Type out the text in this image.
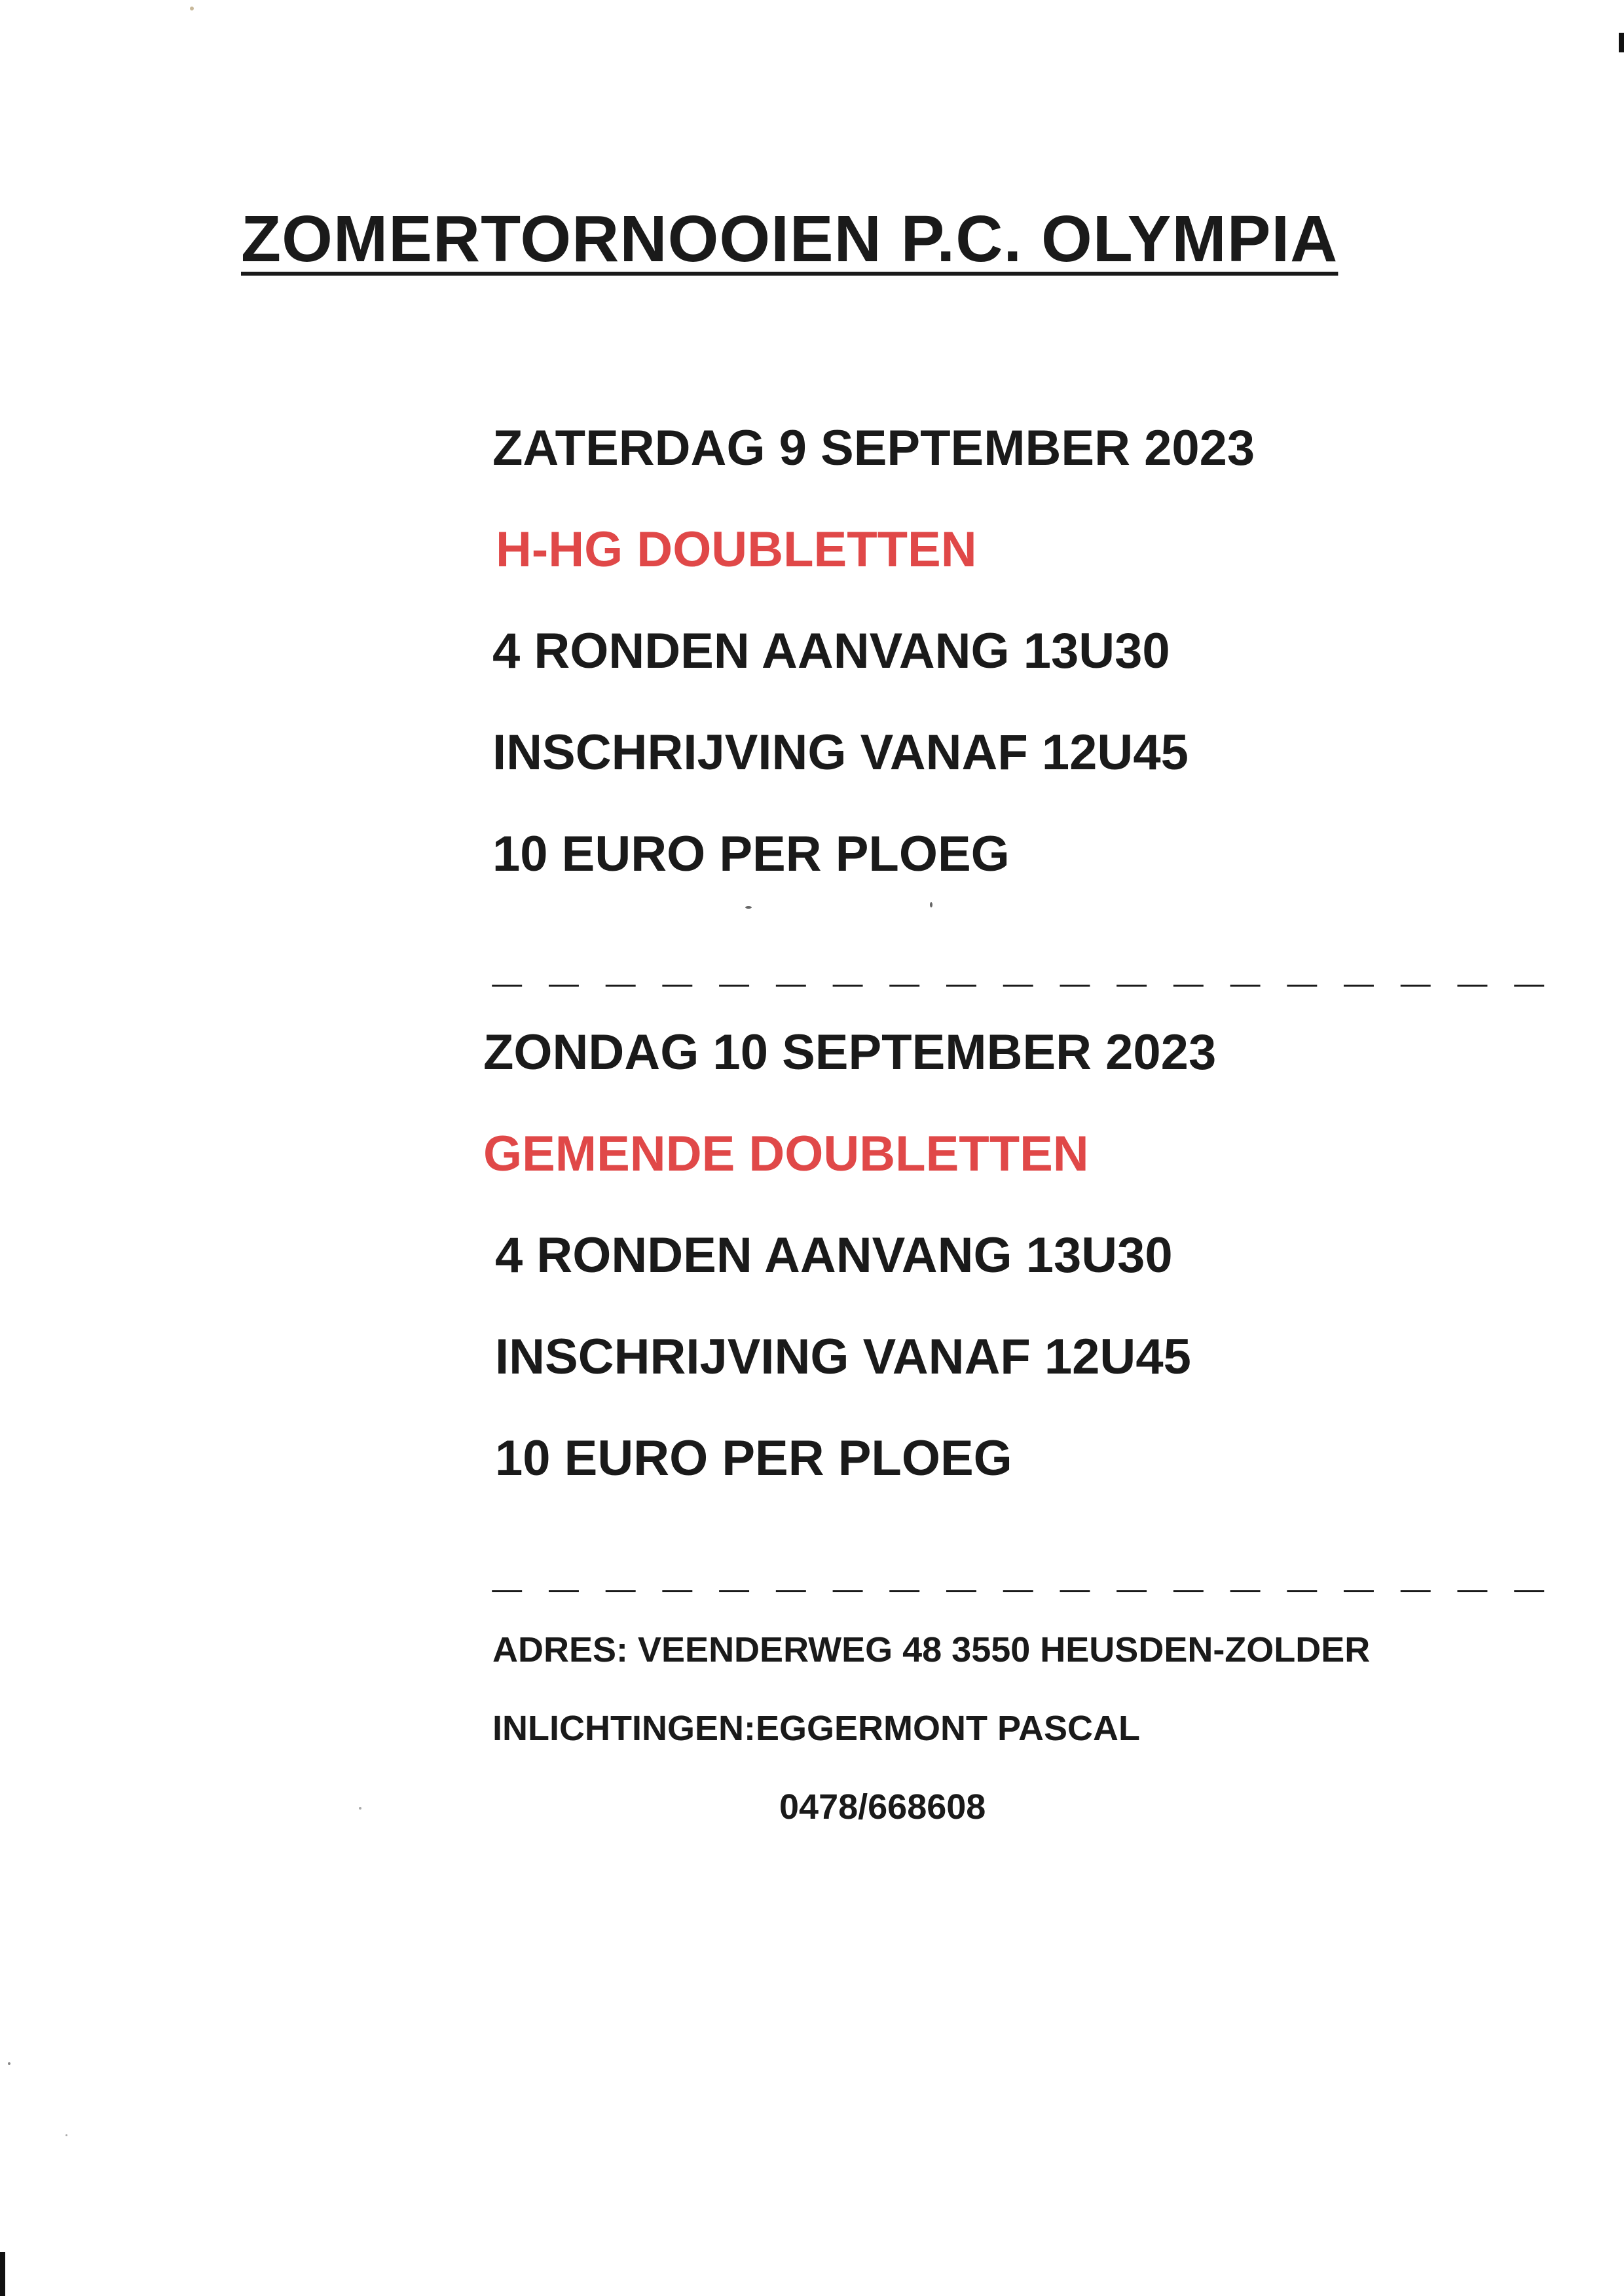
ZOMERTORNOOIEN P.C. OLYMPIA
ZATERDAG 9 SEPTEMBER 2023
H-HG DOUBLETTEN
4 RONDEN AANVANG 13U30
INSCHRIJVING VANAF 12U45
10 EURO PER PLOEG
_ _ _ _ _ _ _ _ _ _ _ _ _ _ _ _ _ _ _
ZONDAG 10 SEPTEMBER 2023
GEMENDE DOUBLETTEN
4 RONDEN AANVANG 13U30
INSCHRIJVING VANAF 12U45
10 EURO PER PLOEG
_ _ _ _ _ _ _ _ _ _ _ _ _ _ _ _ _ _ _
ADRES: VEENDERWEG 48 3550 HEUSDEN-ZOLDER
INLICHTINGEN:EGGERMONT PASCAL
0478/668608
